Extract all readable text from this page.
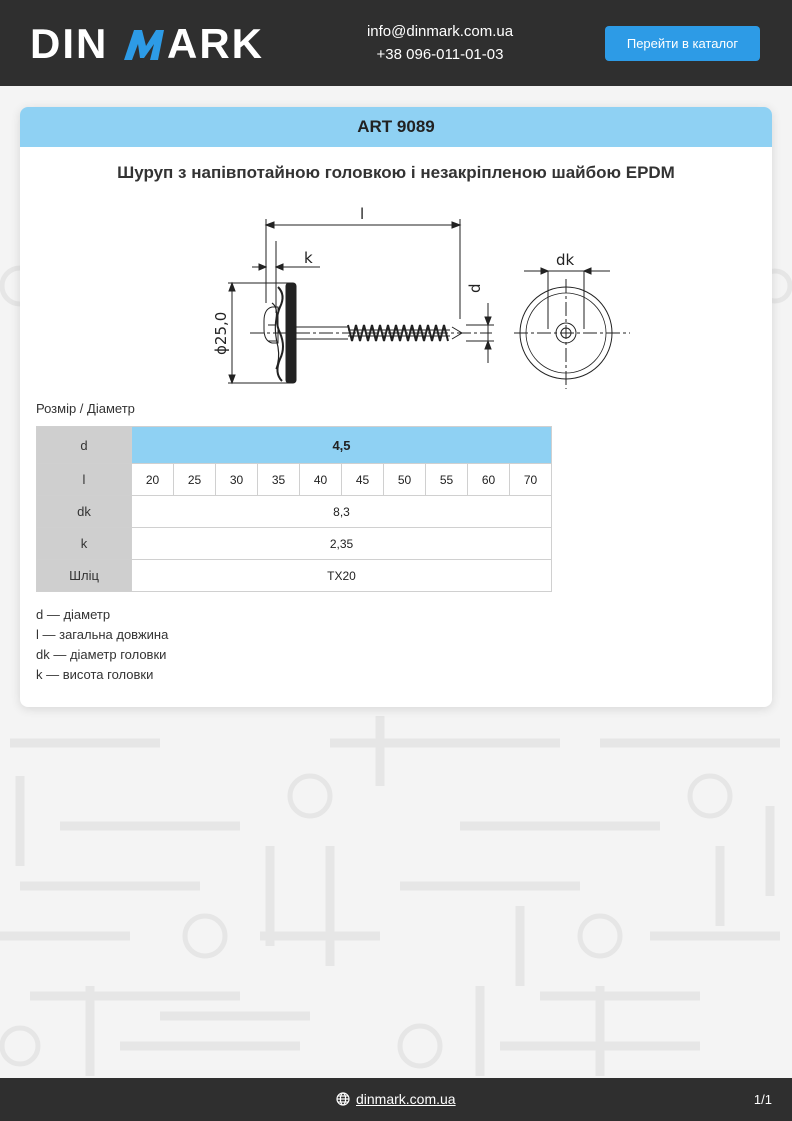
DIN ARK	info@dinmark.com.ua
+38 096-011-01-03
Перейти в каталог
ART 9089
Шуруп з напівпотайною головкою і незакріпленою шайбою EPDM
l
k
d
dk
ϕ25,0
Розмір / Діаметр
d	4,5									
l	20	25	30	35	40	45	50	55	60	70
dk	8,3									
k	2,35									
Шліц	TX20									
d — діаметр
l — загальна довжина
dk — діаметр головки
k — висота головки
dinmark.com.ua	1/1
